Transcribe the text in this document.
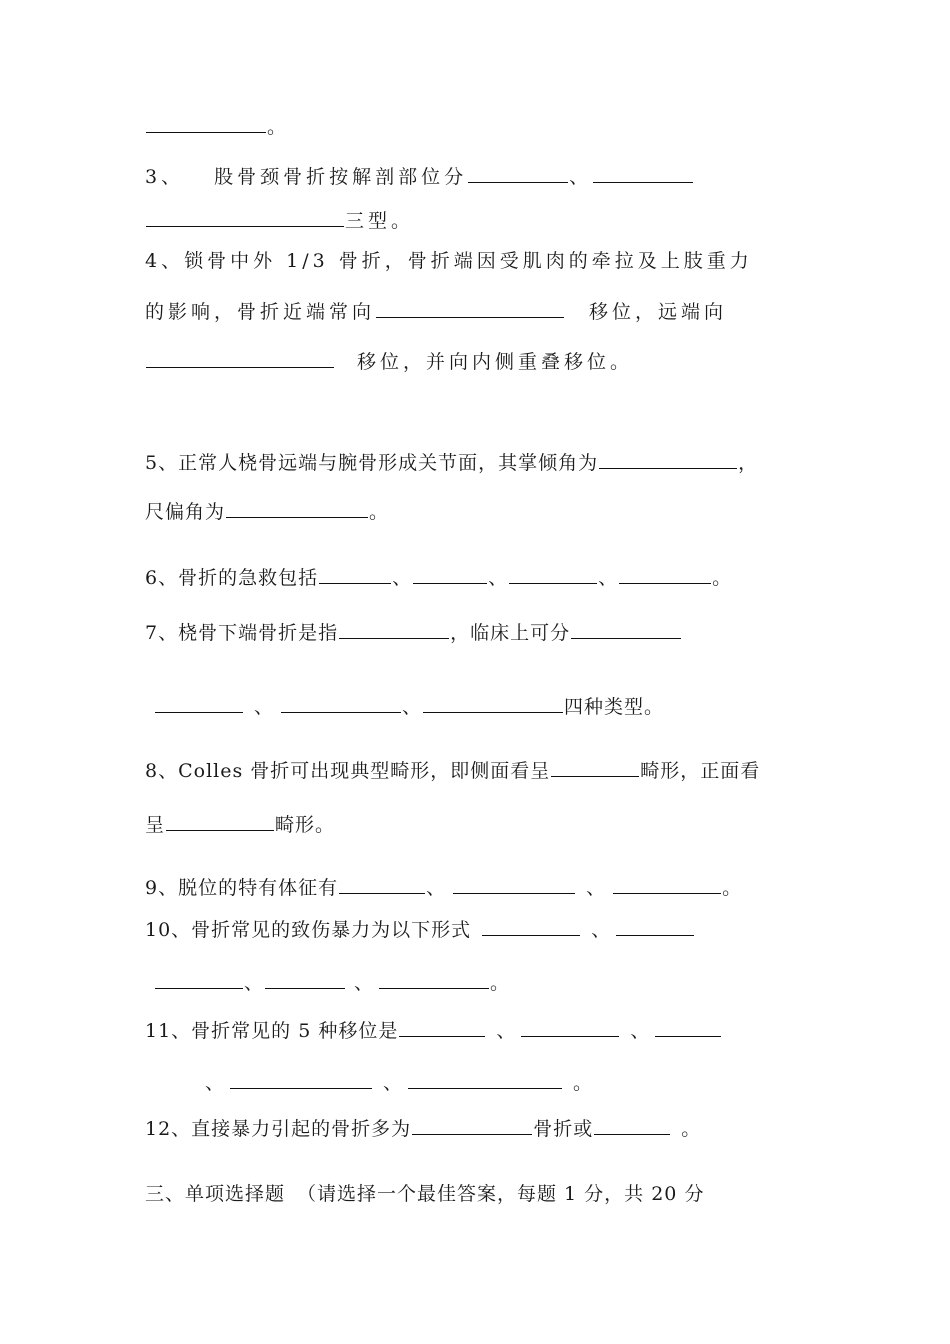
。
3、 股骨颈骨折按解剖部位分	、
三型。
4、锁骨中外 1/3 骨折，骨折端因受肌肉的牵拉及上肢重力
的影响，骨折近端常向	移位，远端向
移位，并向内侧重叠移位。
5、正常人桡骨远端与腕骨形成关节面，其掌倾角为	，
尺偏角为	。
6、骨折的急救包括	、	、	、	。
7、桡骨下端骨折是指	，临床上可分
、	、	四种类型。
8、Colles 骨折可出现典型畸形，即侧面看呈	畸形，正面看
呈	畸形。
9、脱位的特有体征有	、	、	。
10、骨折常见的致伤暴力为以下形式	、
、	、	。
11、骨折常见的 5 种移位是	、	、
、	、	。
12、直接暴力引起的骨折多为	骨折或	。
三、单项选择题 （请选择一个最佳答案，每题 1 分，共 20 分
